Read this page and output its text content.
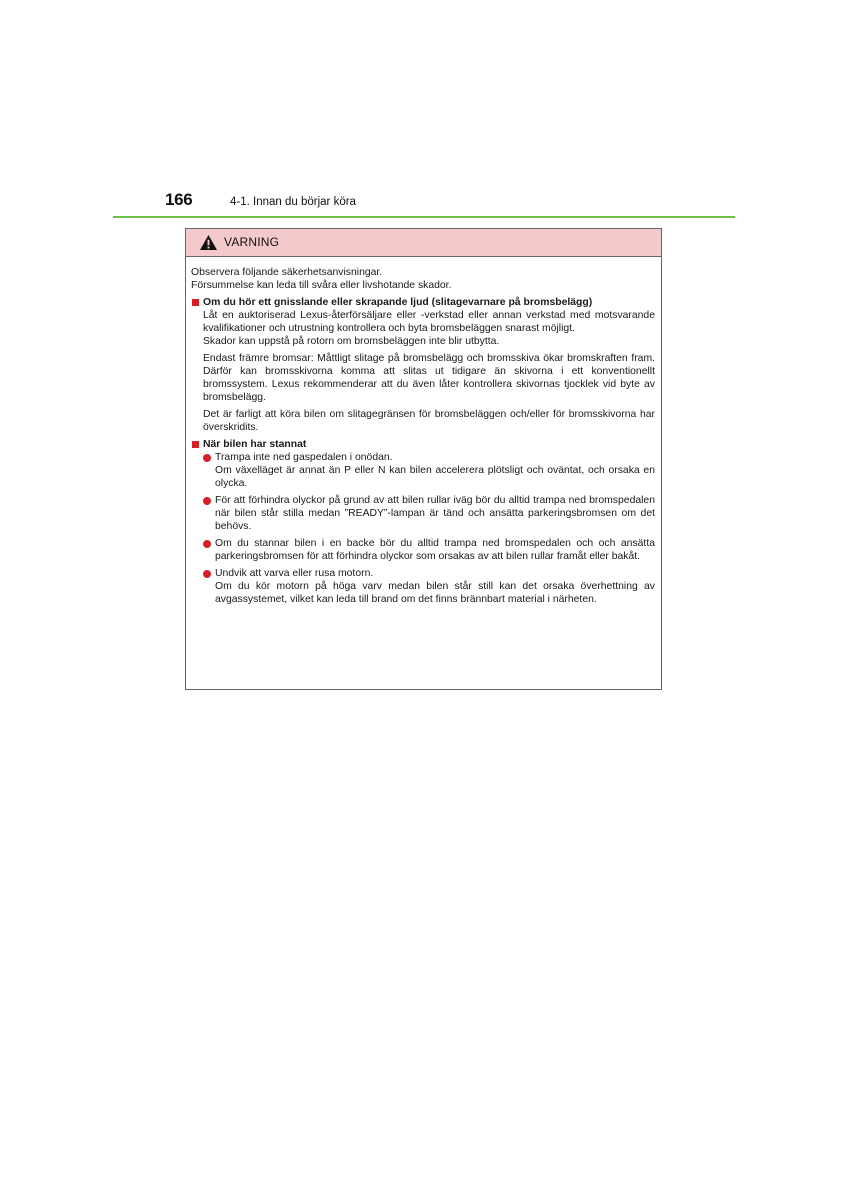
166	4-1. Innan du börjar köra
VARNING

Observera följande säkerhetsanvisningar.

Försummelse kan leda till svåra eller livshotande skador.

Om du hör ett gnisslande eller skrapande ljud (slitagevarnare på bromsbelägg)

Låt en auktoriserad Lexus-återförsäljare eller -verkstad eller annan verkstad med motsvarande kvalifikationer och utrustning kontrollera och byta bromsbeläggen snarast möjligt.

Skador kan uppstå på rotorn om bromsbeläggen inte blir utbytta.

Endast främre bromsar: Måttligt slitage på bromsbelägg och bromsskiva ökar bromskraften fram. Därför kan bromsskivorna komma att slitas ut tidigare än skivorna i ett konventionellt bromssystem. Lexus rekommenderar att du även låter kontrollera skivornas tjocklek vid byte av bromsbelägg.

Det är farligt att köra bilen om slitagegränsen för bromsbeläggen och/eller för bromsskivorna har överskridits.

När bilen har stannat

Trampa inte ned gaspedalen i onödan.

Om växelläget är annat än P eller N kan bilen accelerera plötsligt och oväntat, och orsaka en olycka.

För att förhindra olyckor på grund av att bilen rullar iväg bör du alltid trampa ned bromspedalen när bilen står stilla medan ”READY”-lampan är tänd och ansätta parkeringsbromsen om det behövs.

Om du stannar bilen i en backe bör du alltid trampa ned bromspedalen och och ansätta parkeringsbromsen för att förhindra olyckor som orsakas av att bilen rullar framåt eller bakåt.

Undvik att varva eller rusa motorn.

Om du kör motorn på höga varv medan bilen står still kan det orsaka överhettning av avgassystemet, vilket kan leda till brand om det finns brännbart material i närheten.
